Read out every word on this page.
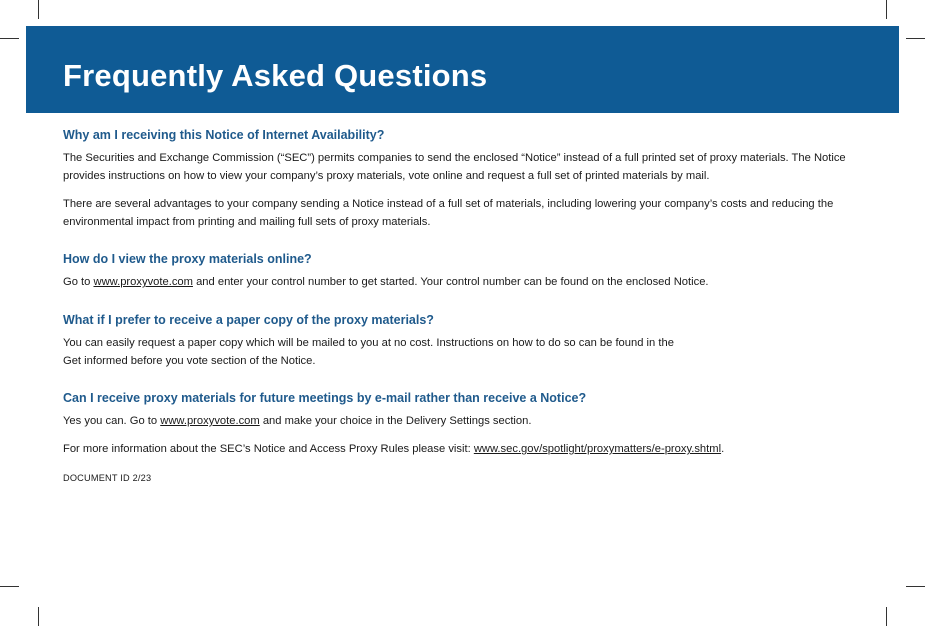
Frequently Asked Questions

Why am I receiving this Notice of Internet Availability?

The Securities and Exchange Commission (“SEC”) permits companies to send the enclosed “Notice” instead of a full printed set of proxy materials. The Notice provides instructions on how to view your company’s proxy materials, vote online and request a full set of printed materials by mail.

There are several advantages to your company sending a Notice instead of a full set of materials, including lowering your company’s costs and reducing the environmental impact from printing and mailing full sets of proxy materials.

How do I view the proxy materials online?

Go to www.proxyvote.com and enter your control number to get started. Your control number can be found on the enclosed Notice.

What if I prefer to receive a paper copy of the proxy materials?

You can easily request a paper copy which will be mailed to you at no cost. Instructions on how to do so can be found in the
Get informed before you vote section of the Notice.

Can I receive proxy materials for future meetings by e-mail rather than receive a Notice?

Yes you can. Go to www.proxyvote.com and make your choice in the Delivery Settings section.

For more information about the SEC’s Notice and Access Proxy Rules please visit: www.sec.gov/spotlight/proxymatters/e-proxy.shtml.

DOCUMENT ID 2/23
